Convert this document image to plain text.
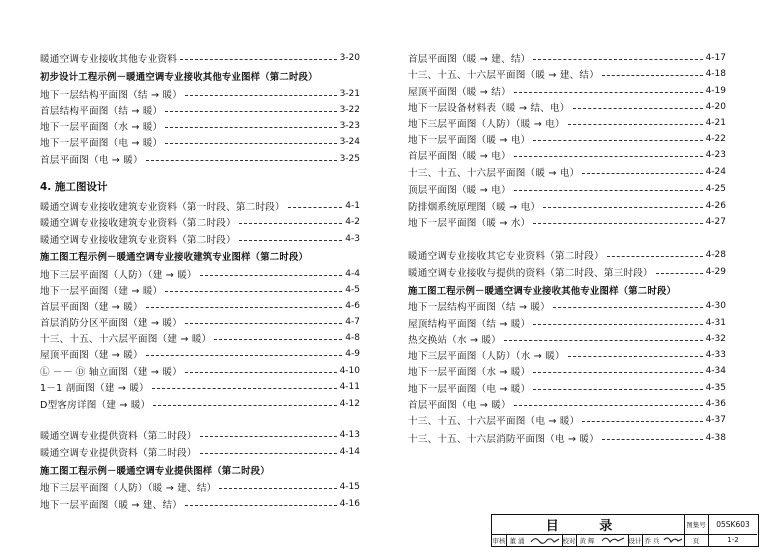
暖通空调专业接收其他专业资料	3-20
初步设计工程示例－暖通空调专业接收其他专业图样（第二时段）
地下一层结构平面图（结 → 暖）	3-21
首层结构平面图（结 → 暖）	3-22
地下一层平面图（水 → 暖）	3-23
地下一层平面图（电 → 暖）	3-24
首层平面图（电 → 暖）	3-25
4. 施工图设计
暖通空调专业接收建筑专业资料（第一时段、第二时段）	4-1
暖通空调专业接收建筑专业资料（第二时段）	4-2
暖通空调专业接收建筑专业资料（第二时段）	4-3
施工图工程示例－暖通空调专业接收建筑专业图样（第二时段）
地下三层平面图（人防）（建 → 暖）	4-4
地下一层平面图（建 → 暖）	4-5
首层平面图（建 → 暖）	4-6
首层消防分区平面图（建 → 暖）	4-7
十三、十五、十六层平面图（建 → 暖）	4-8
屋顶平面图（建 → 暖）	4-9
Ⓛ －－ Ⓓ 轴立面图（建 → 暖）	4-10
1－1 剖面图（建 → 暖）	4-11
D型客房详图（建 → 暖）	4-12
暖通空调专业提供资料（第二时段）	4-13
暖通空调专业提供资料（第二时段）	4-14
施工图工程示例－暖通空调专业提供图样（第二时段）
地下三层平面图（人防）（暖 → 建、结）	4-15
地下一层平面图（暖 → 建、结）	4-16
首层平面图（暖 → 建、结）	4-17
十三、十五、十六层平面图（暖 → 建、结）	4-18
屋顶平面图（暖 → 结）	4-19
地下一层设备材料表（暖 → 结、电）	4-20
地下三层平面图（人防）（暖 → 电）	4-21
地下一层平面图（暖 → 电）	4-22
首层平面图（暖 → 电）	4-23
十三、十五、十六层平面图（暖 → 电）	4-24
顶层平面图（暖 → 电）	4-25
防排烟系统原理图（暖 → 电）	4-26
地下一层平面图（暖 → 水）	4-27
暖通空调专业接收其它专业资料（第二时段）	4-28
暖通空调专业接收与提供的资料（第二时段、第三时段）	4-29
施工图工程示例－暖通空调专业接收其他专业图样（第二时段）
地下一层结构平面图（结 → 暖）	4-30
屋顶结构平面图（结 → 暖）	4-31
热交换站（水 → 暖）	4-32
地下三层平面图（人防）（水 → 暖）	4-33
地下一层平面图（水 → 暖）	4-34
地下一层平面图（电 → 暖）	4-35
首层平面图（电 → 暖）	4-36
十三、十五、十六层平面图（电 → 暖）	4-37
十三、十五、十六层消防平面图（电 → 暖）	4-38
目 录	图集号	05SK603
审核 董 涌	校对 黄 辉	设计 乔 兵	页	1-2
